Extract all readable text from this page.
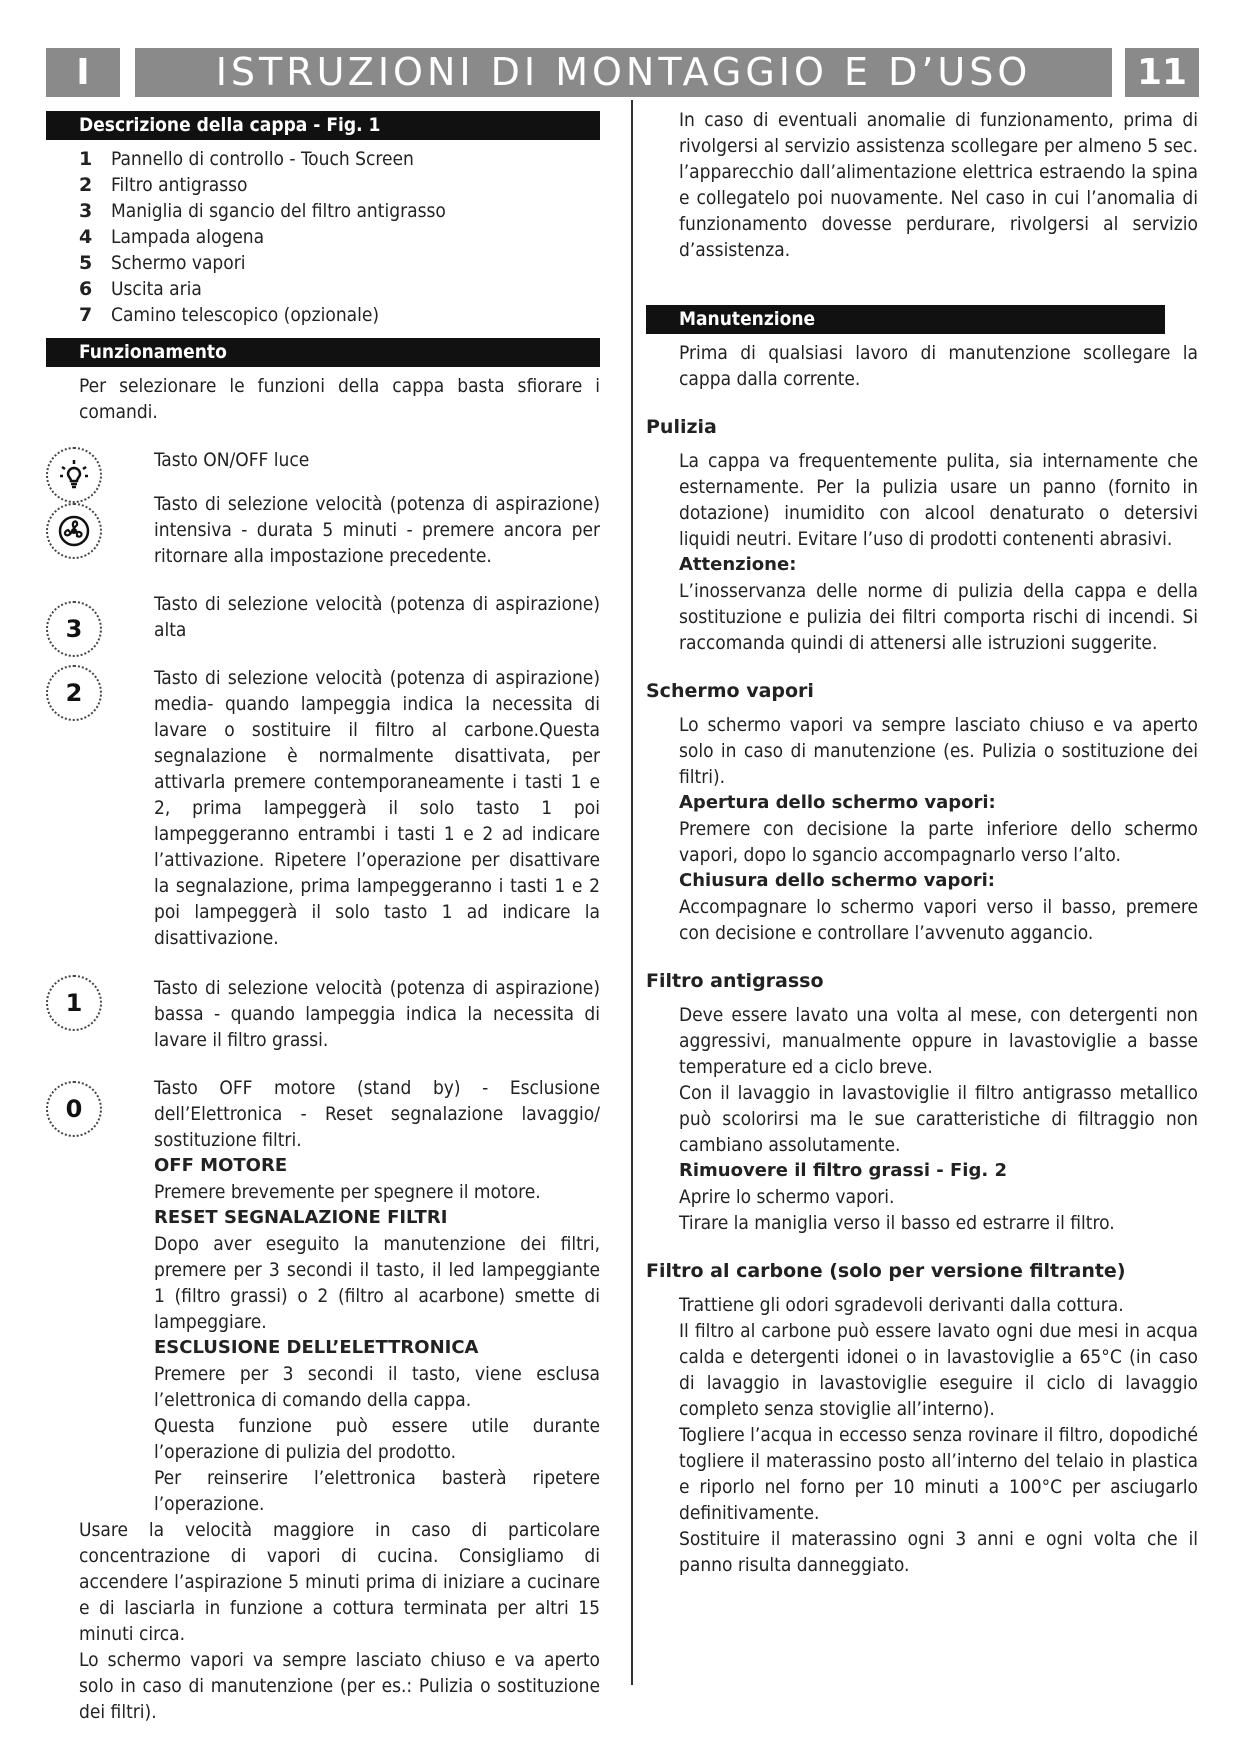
I	ISTRUZIONI DI MONTAGGIO E D’USO	11
Descrizione della cappa - Fig. 1
1 Pannello di controllo - Touch Screen
2 Filtro antigrasso
3 Maniglia di sgancio del filtro antigrasso
4 Lampada alogena
5 Schermo vapori
6 Uscita aria
7 Camino telescopico (opzionale)
Funzionamento
Per selezionare le funzioni della cappa basta sfiorare i comandi.
Tasto ON/OFF luce
Tasto di selezione velocità (potenza di aspirazione) intensiva - durata 5 minuti - premere ancora per ritornare alla impostazione precedente.
3
Tasto di selezione velocità (potenza di aspirazione) alta
2
Tasto di selezione velocità (potenza di aspirazione) media- quando lampeggia indica la necessita di lavare o sostituire il filtro al carbone.Questa segnalazione è normalmente disattivata, per attivarla premere contemporaneamente i tasti 1 e 2, prima lampeggerà il solo tasto 1 poi lampeggeranno entrambi i tasti 1 e 2 ad indicare l’attivazione. Ripetere l’operazione per disattivare la segnalazione, prima lampeggeranno i tasti 1 e 2 poi lampeggerà il solo tasto 1 ad indicare la disattivazione.
1
Tasto di selezione velocità (potenza di aspirazione) bassa - quando lampeggia indica la necessita di lavare il filtro grassi.
0
Tasto OFF motore (stand by) - Esclusione dell’Elettronica - Reset segnalazione lavaggio/ sostituzione filtri.
OFF MOTORE
Premere brevemente per spegnere il motore.
RESET SEGNALAZIONE FILTRI
Dopo aver eseguito la manutenzione dei filtri, premere per 3 secondi il tasto, il led lampeggiante 1 (filtro grassi) o 2 (filtro al acarbone) smette di lampeggiare.
ESCLUSIONE DELL’ELETTRONICA
Premere per 3 secondi il tasto, viene esclusa l’elettronica di comando della cappa.
Questa funzione può essere utile durante l’operazione di pulizia del prodotto.
Per reinserire l’elettronica basterà ripetere l’operazione.
Usare la velocità maggiore in caso di particolare concentrazione di vapori di cucina. Consigliamo di accendere l’aspirazione 5 minuti prima di iniziare a cucinare e di lasciarla in funzione a cottura terminata per altri 15 minuti circa.
Lo schermo vapori va sempre lasciato chiuso e va aperto solo in caso di manutenzione (per es.: Pulizia o sostituzione dei filtri).
In caso di eventuali anomalie di funzionamento, prima di rivolgersi al servizio assistenza scollegare per almeno 5 sec. l’apparecchio dall’alimentazione elettrica estraendo la spina e collegatelo poi nuovamente. Nel caso in cui l’anomalia di funzionamento dovesse perdurare, rivolgersi al servizio d’assistenza.
Manutenzione
Prima di qualsiasi lavoro di manutenzione scollegare la cappa dalla corrente.
Pulizia
La cappa va frequentemente pulita, sia internamente che esternamente. Per la pulizia usare un panno (fornito in dotazione) inumidito con alcool denaturato o detersivi liquidi neutri. Evitare l’uso di prodotti contenenti abrasivi.
Attenzione:
L’inosservanza delle norme di pulizia della cappa e della sostituzione e pulizia dei filtri comporta rischi di incendi. Si raccomanda quindi di attenersi alle istruzioni suggerite.
Schermo vapori
Lo schermo vapori va sempre lasciato chiuso e va aperto solo in caso di manutenzione (es. Pulizia o sostituzione dei filtri).
Apertura dello schermo vapori:
Premere con decisione la parte inferiore dello schermo vapori, dopo lo sgancio accompagnarlo verso l’alto.
Chiusura dello schermo vapori:
Accompagnare lo schermo vapori verso il basso, premere con decisione e controllare l’avvenuto aggancio.
Filtro antigrasso
Deve essere lavato una volta al mese, con detergenti non aggressivi, manualmente oppure in lavastoviglie a basse temperature ed a ciclo breve.
Con il lavaggio in lavastoviglie il filtro antigrasso metallico può scolorirsi ma le sue caratteristiche di filtraggio non cambiano assolutamente.
Rimuovere il filtro grassi - Fig. 2
Aprire lo schermo vapori.
Tirare la maniglia verso il basso ed estrarre il filtro.
Filtro al carbone (solo per versione filtrante)
Trattiene gli odori sgradevoli derivanti dalla cottura.
Il filtro al carbone può essere lavato ogni due mesi in acqua calda e detergenti idonei o in lavastoviglie a 65°C (in caso di lavaggio in lavastoviglie eseguire il ciclo di lavaggio completo senza stoviglie all’interno).
Togliere l’acqua in eccesso senza rovinare il filtro, dopodiché togliere il materassino posto all’interno del telaio in plastica e riporlo nel forno per 10 minuti a 100°C per asciugarlo definitivamente.
Sostituire il materassino ogni 3 anni e ogni volta che il panno risulta danneggiato.
